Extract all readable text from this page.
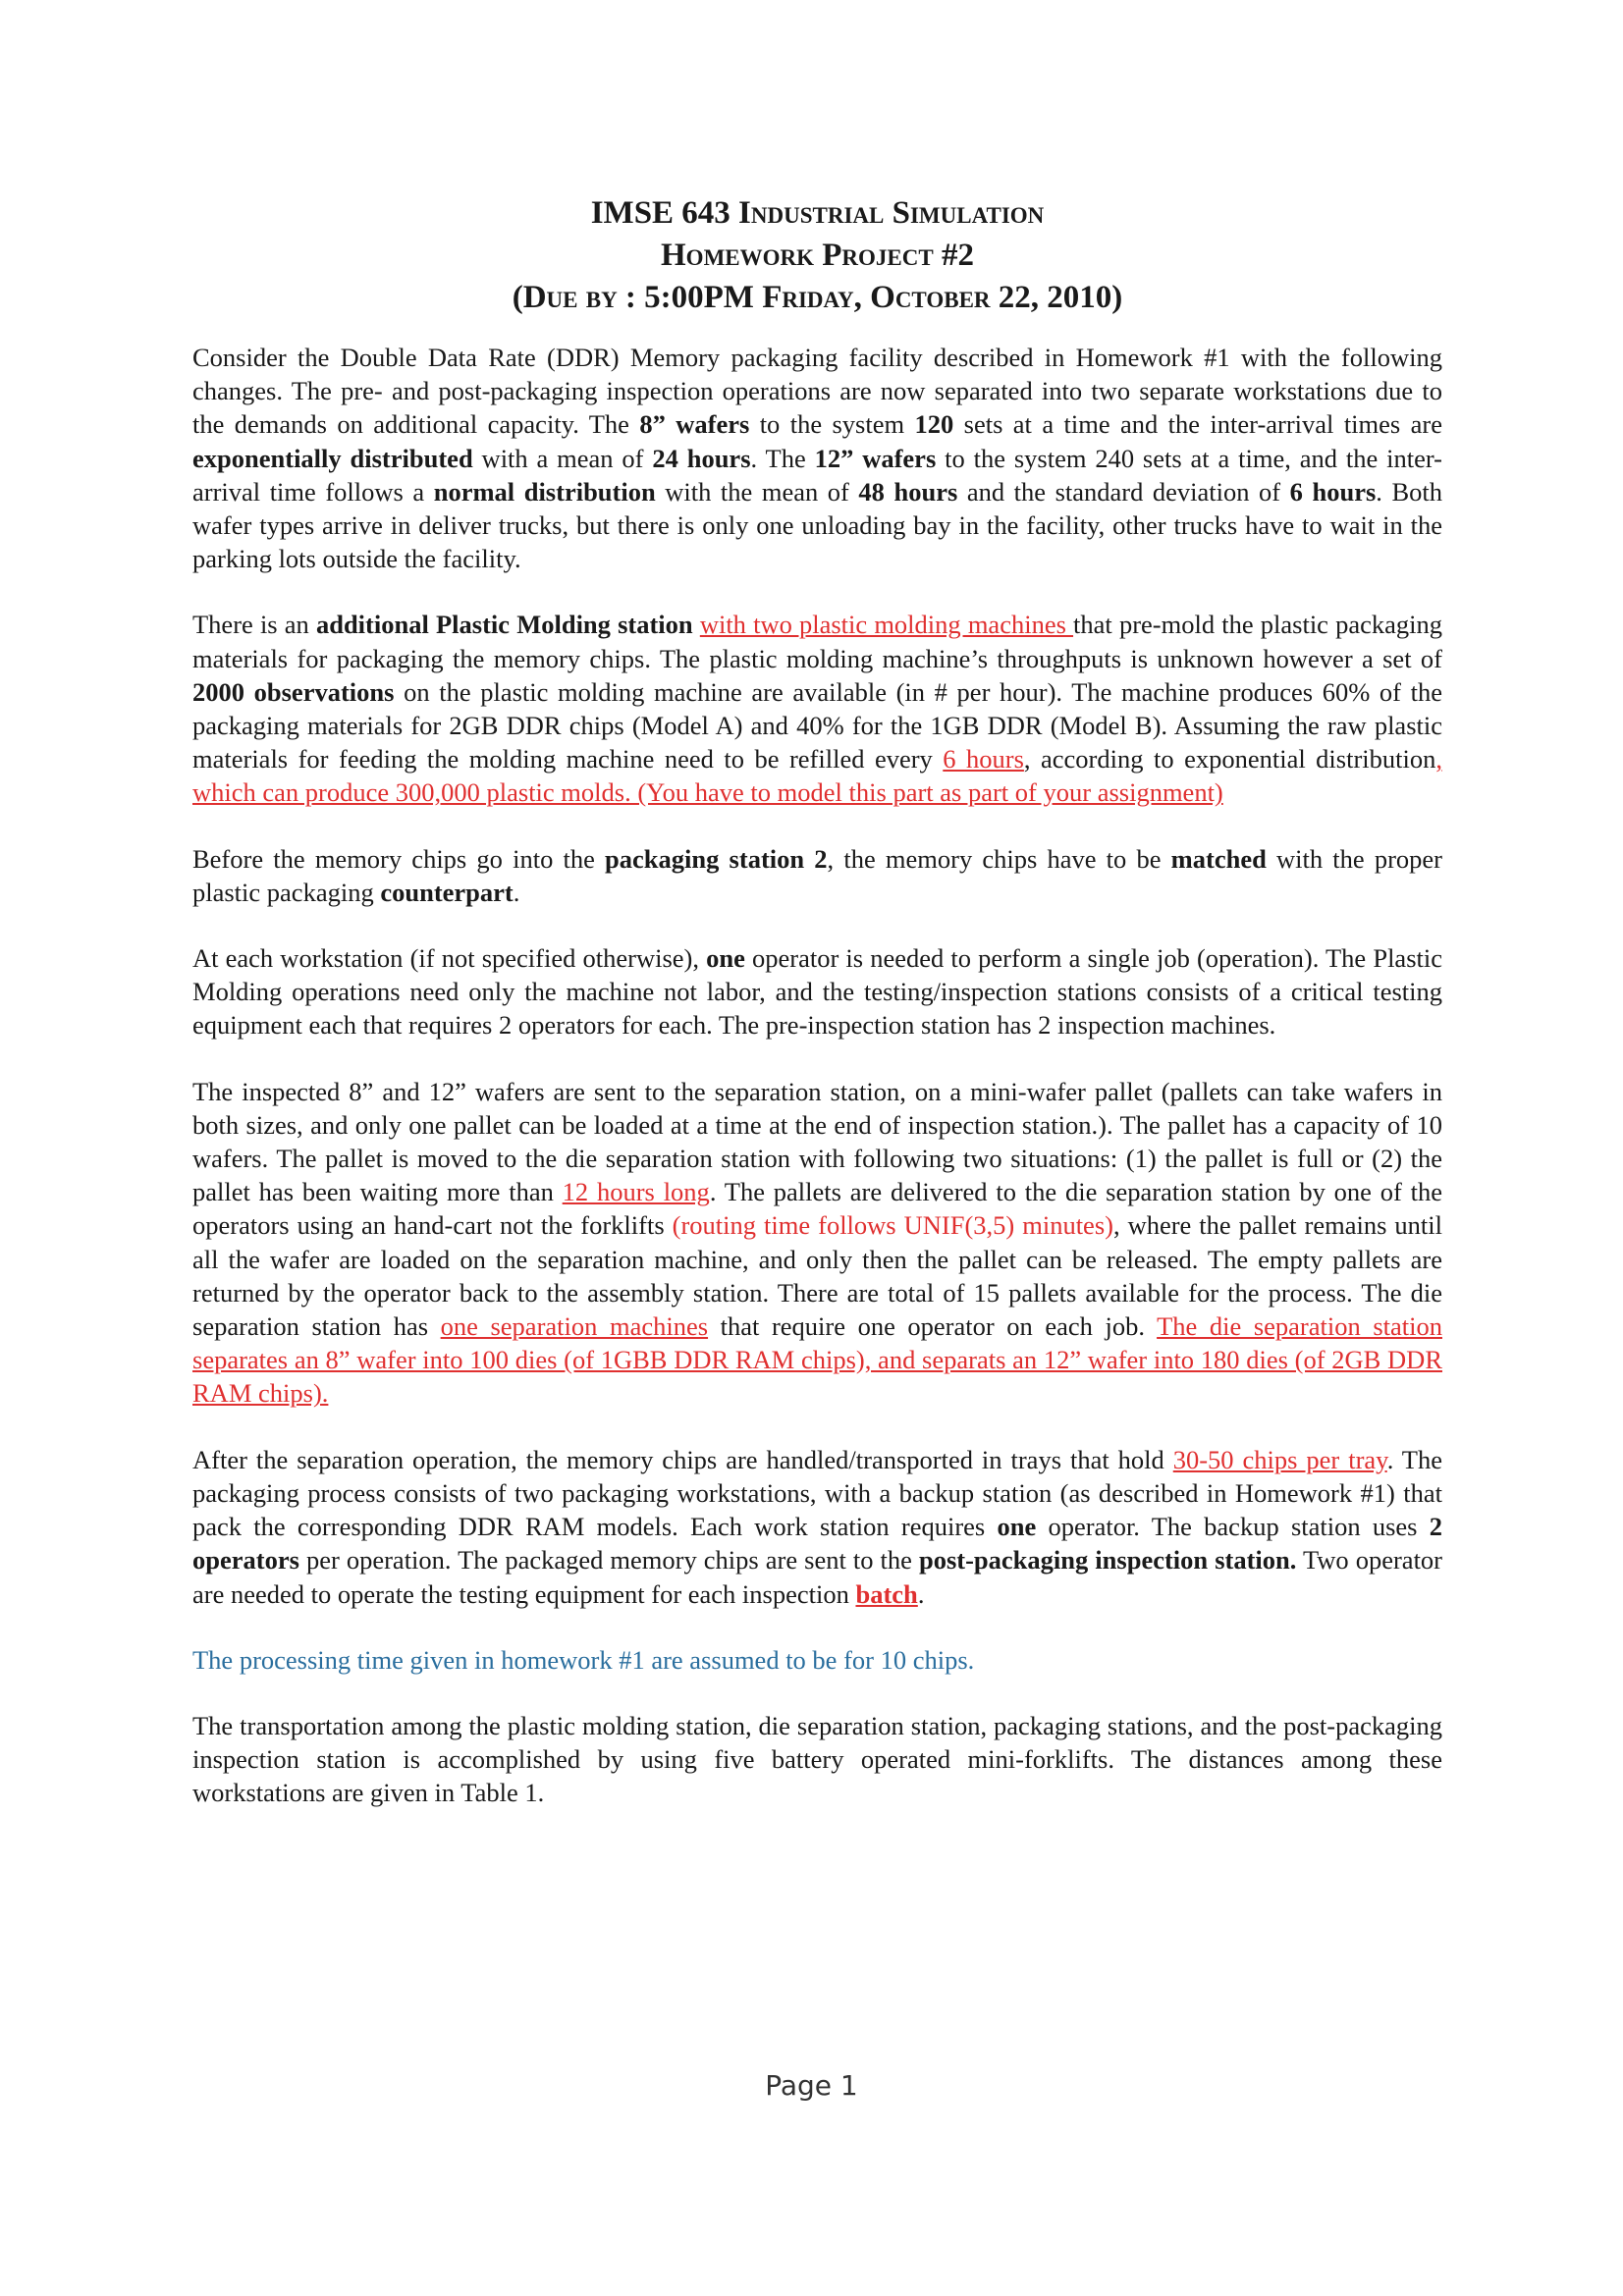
IMSE 643 Industrial Simulation
Homework Project #2
(Due by : 5:00PM Friday, October 22, 2010)

Consider the Double Data Rate (DDR) Memory packaging facility described in Homework #1 with the following changes. The pre- and post-packaging inspection operations are now separated into two separate workstations due to the demands on additional capacity. The 8” wafers to the system 120 sets at a time and the inter-arrival times are exponentially distributed with a mean of 24 hours. The 12” wafers to the system 240 sets at a time, and the inter-arrival time follows a normal distribution with the mean of 48 hours and the standard deviation of 6 hours. Both wafer types arrive in deliver trucks, but there is only one unloading bay in the facility, other trucks have to wait in the parking lots outside the facility.

There is an additional Plastic Molding station with two plastic molding machines that pre-mold the plastic packaging materials for packaging the memory chips. The plastic molding machine’s throughputs is unknown however a set of 2000 observations on the plastic molding machine are available (in # per hour). The machine produces 60% of the packaging materials for 2GB DDR chips (Model A) and 40% for the 1GB DDR (Model B). Assuming the raw plastic materials for feeding the molding machine need to be refilled every 6 hours, according to exponential distribution, which can produce 300,000 plastic molds. (You have to model this part as part of your assignment)

Before the memory chips go into the packaging station 2, the memory chips have to be matched with the proper plastic packaging counterpart.

At each workstation (if not specified otherwise), one operator is needed to perform a single job (operation). The Plastic Molding operations need only the machine not labor, and the testing/inspection stations consists of a critical testing equipment each that requires 2 operators for each. The pre-inspection station has 2 inspection machines.

The inspected 8” and 12” wafers are sent to the separation station, on a mini-wafer pallet (pallets can take wafers in both sizes, and only one pallet can be loaded at a time at the end of inspection station.). The pallet has a capacity of 10 wafers. The pallet is moved to the die separation station with following two situations: (1) the pallet is full or (2) the pallet has been waiting more than 12 hours long. The pallets are delivered to the die separation station by one of the operators using an hand-cart not the forklifts (routing time follows UNIF(3,5) minutes), where the pallet remains until all the wafer are loaded on the separation machine, and only then the pallet can be released. The empty pallets are returned by the operator back to the assembly station. There are total of 15 pallets available for the process. The die separation station has one separation machines that require one operator on each job. The die separation station separates an 8” wafer into 100 dies (of 1GBB DDR RAM chips), and separats an 12” wafer into 180 dies (of 2GB DDR RAM chips).

After the separation operation, the memory chips are handled/transported in trays that hold 30-50 chips per tray. The packaging process consists of two packaging workstations, with a backup station (as described in Homework #1) that pack the corresponding DDR RAM models. Each work station requires one operator. The backup station uses 2 operators per operation. The packaged memory chips are sent to the post-packaging inspection station. Two operator are needed to operate the testing equipment for each inspection batch.

The processing time given in homework #1 are assumed to be for 10 chips.

The transportation among the plastic molding station, die separation station, packaging stations, and the post-packaging inspection station is accomplished by using five battery operated mini-forklifts. The distances among these workstations are given in Table 1.

Page 1
